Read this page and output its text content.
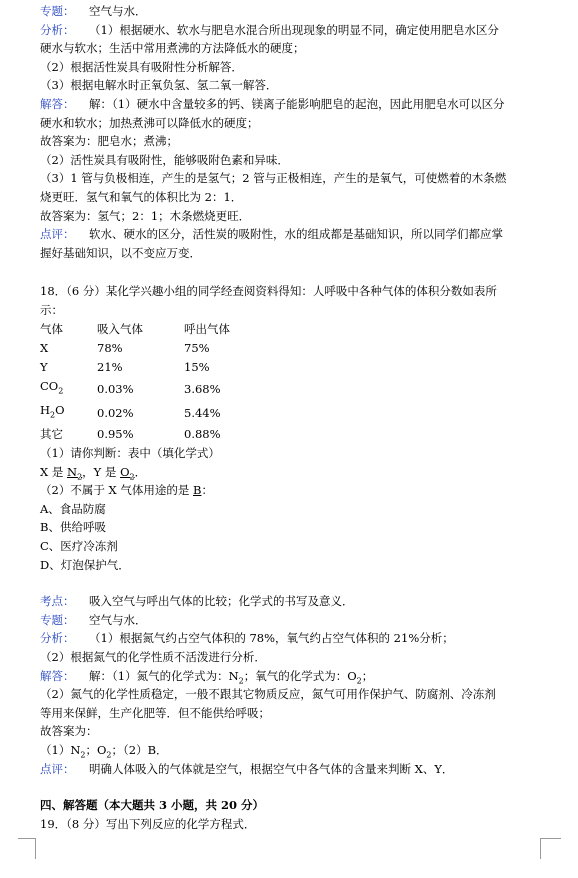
专题： 空气与水．
分析： （1）根据硬水、软水与肥皂水混合所出现现象的明显不同，确定使用肥皂水区分
硬水与软水；生活中常用煮沸的方法降低水的硬度；
（2）根据活性炭具有吸附性分析解答．
（3）根据电解水时正氧负氢、氢二氧一解答．
解答： 解：（1）硬水中含量较多的钙、镁离子能影响肥皂的起泡，因此用肥皂水可以区分
硬水和软水；加热煮沸可以降低水的硬度；
故答案为：肥皂水；煮沸；
（2）活性炭具有吸附性，能够吸附色素和异味．
（3）1 管与负极相连，产生的是氢气；2 管与正极相连，产生的是氧气，可使燃着的木条燃
烧更旺．氢气和氧气的体积比为 2：1．
故答案为：氢气；2：1；木条燃烧更旺．
点评： 软水、硬水的区分，活性炭的吸附性，水的组成都是基础知识，所以同学们都应掌
握好基础知识，以不变应万变．
18．（6 分）某化学兴趣小组的同学经查阅资料得知：人呼吸中各种气体的体积分数如表所
示：
气体	吸入气体	呼出气体
X	78%	75%
Y	21%	15%
$CO_2$	0.03%	3.68%
$H_2O$	0.02%	5.44%
其它	0.95%	0.88%
（1）请你判断：表中（填化学式）
X 是 $N_2$，Y 是 $O_2$．
（2）不属于 X 气体用途的是 B：
A、食品防腐
B、供给呼吸
C、医疗冷冻剂
D、灯泡保护气．
考点： 吸入空气与呼出气体的比较；化学式的书写及意义．
专题： 空气与水．
分析： （1）根据氮气约占空气体积的 78%，氧气约占空气体积的 21%分析；
（2）根据氮气的化学性质不活泼进行分析．
解答： 解：（1）氮气的化学式为：$N_2$；氧气的化学式为：$O_2$；
（2）氮气的化学性质稳定，一般不跟其它物质反应，氮气可用作保护气、防腐剂、冷冻剂
等用来保鲜，生产化肥等．但不能供给呼吸；
故答案为：
$(1)N_2$；$O_2$；（2）B．
点评： 明确人体吸入的气体就是空气，根据空气中各气体的含量来判断 X、Y．
四、解答题（本大题共 3 小题，共 20 分）
19．（8 分）写出下列反应的化学方程式．
